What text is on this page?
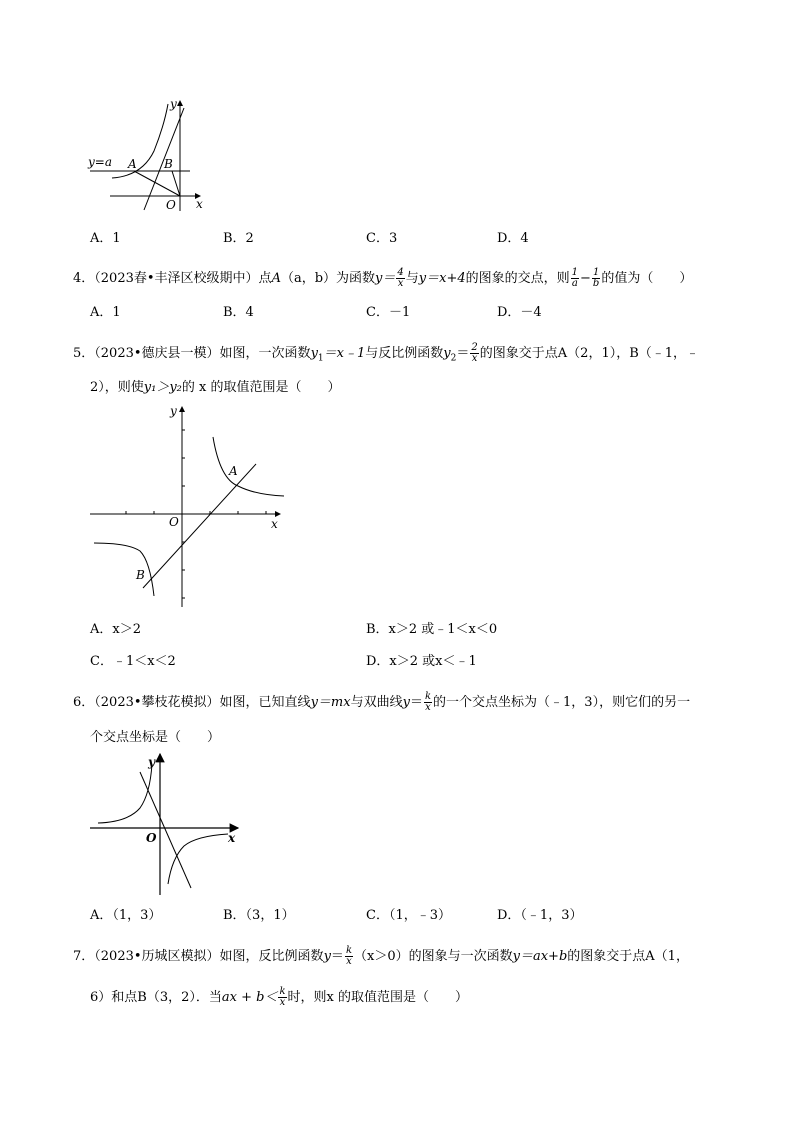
y
x
y=a A B
O
A．1	B．2	C．3	D．4
4．（2023春•丰泽区校级期中）点A（a，b）为函数$y= \frac{4}{x}$ 与y＝x+4的图象的交点，则 $\frac{1}{a} - \frac{1}{b}$ 的值为（　　）
A．1	B．4	C．－1	D．－4
5．（2023•德庆县一模）如图，一次函数$y_1=x﹣1$与反比例函数$y_2= \frac{2}{x}$ 的图象交于点A（2，1），B（﹣1，﹣
2），则使y₁＞y₂的 x 的取值范围是（　　）
y
x
O
A
B
A．x＞2	B．x＞2 或﹣1＜x＜0
C．﹣1＜x＜2	D．x＞2 或x＜﹣1
6．（2023•攀枝花模拟）如图，已知直线y＝mx与双曲线$y= \frac{k}{x}$ 的一个交点坐标为（﹣1，3），则它们的另一
个交点坐标是（　　）
y
x
O
A．（1，3）	B．（3，1）	C．（1，﹣3）	D．（﹣1，3）
7．（2023•历城区模拟）如图，反比例函数$y= \frac{k}{x} (x>0)$的图象与一次函数y＝ax+b的图象交于点A（1，
6）和点B（3，2）．当ax + $b< \frac{k}{x}$ 时，则x 的取值范围是（　　）
